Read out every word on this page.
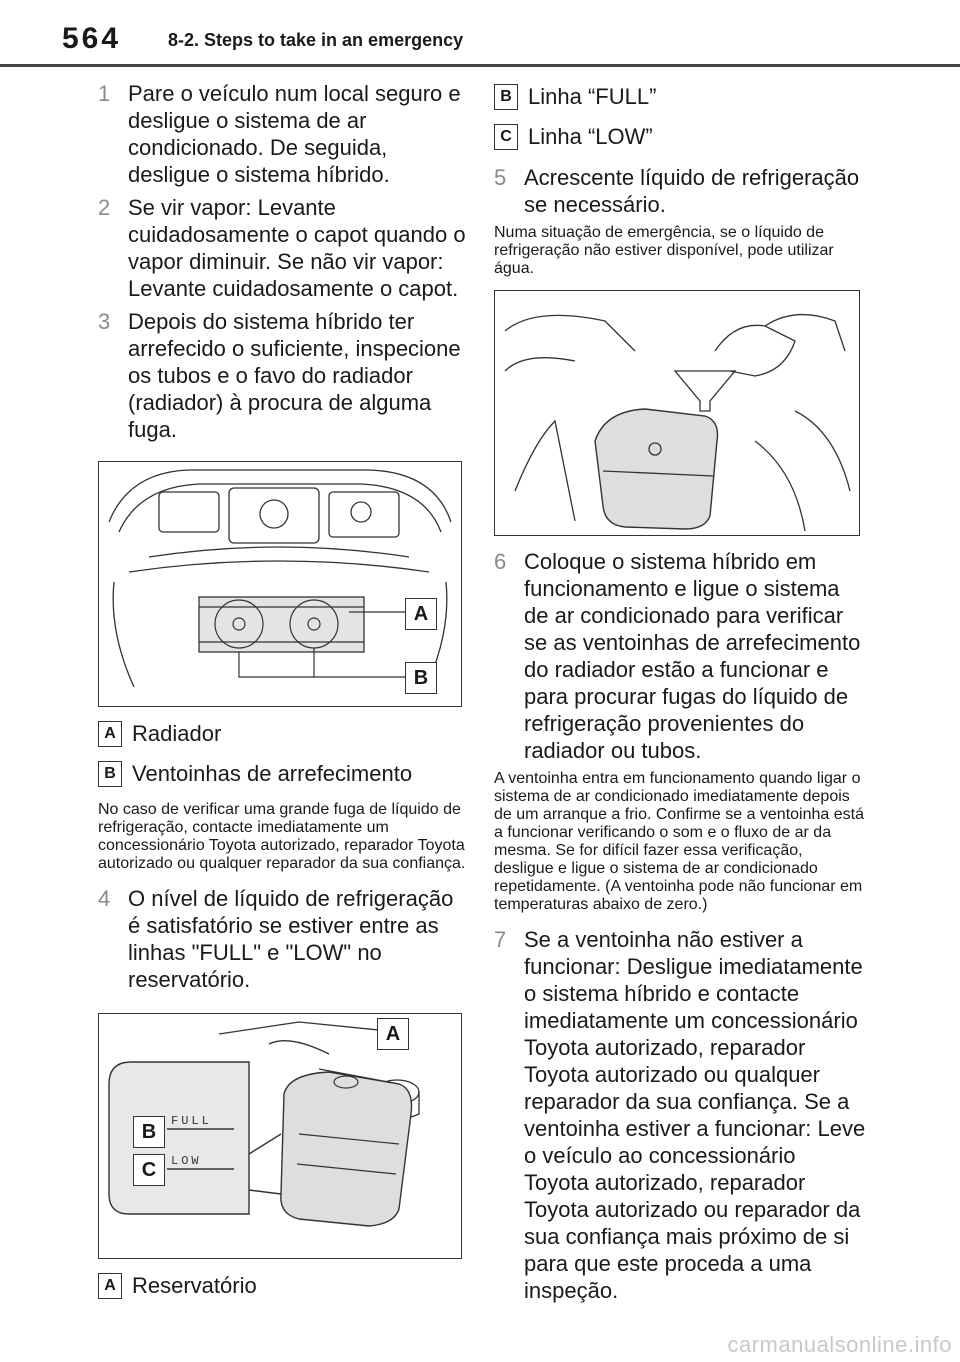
564	8-2. Steps to take in an emergency
1 Pare o veículo num local seguro e desligue o sistema de ar condicionado. De seguida, desligue o sistema híbrido.
2 Se vir vapor: Levante cuidadosamente o capot quando o vapor diminuir. Se não vir vapor: Levante cuidadosamente o capot.
3 Depois do sistema híbrido ter arrefecido o suficiente, inspecione os tubos e o favo do radiador (radiador) à procura de alguma fuga.
A
B
A Radiador
B Ventoinhas de arrefecimento
No caso de verificar uma grande fuga de líquido de refrigeração, contacte imediatamente um concessionário Toyota autorizado, reparador Toyota autorizado ou qualquer reparador da sua confiança.
4 O nível de líquido de refrigeração é satisfatório se estiver entre as linhas "FULL" e "LOW" no reservatório.
FULL
LOW
A
B
C
A Reservatório
B Linha “FULL”
C Linha “LOW”
5 Acrescente líquido de refrigeração se necessário.
Numa situação de emergência, se o líquido de refrigeração não estiver disponível, pode utilizar água.
6 Coloque o sistema híbrido em funcionamento e ligue o sistema de ar condicionado para verificar se as ventoinhas de arrefecimento do radiador estão a funcionar e para procurar fugas do líquido de refrigeração provenientes do radiador ou tubos.
A ventoinha entra em funcionamento quando ligar o sistema de ar condicionado imediatamente depois de um arranque a frio. Confirme se a ventoinha está a funcionar verificando o som e o fluxo de ar da mesma. Se for difícil fazer essa verificação, desligue e ligue o sistema de ar condicionado repetidamente. (A ventoinha pode não funcionar em temperaturas abaixo de zero.)
7 Se a ventoinha não estiver a funcionar: Desligue imediatamente o sistema híbrido e contacte imediatamente um concessionário Toyota autorizado, reparador Toyota autorizado ou qualquer reparador da sua confiança. Se a ventoinha estiver a funcionar: Leve o veículo ao concessionário Toyota autorizado, reparador Toyota autorizado ou reparador da sua confiança mais próximo de si para que este proceda a uma inspeção.
carmanualsonline.info
